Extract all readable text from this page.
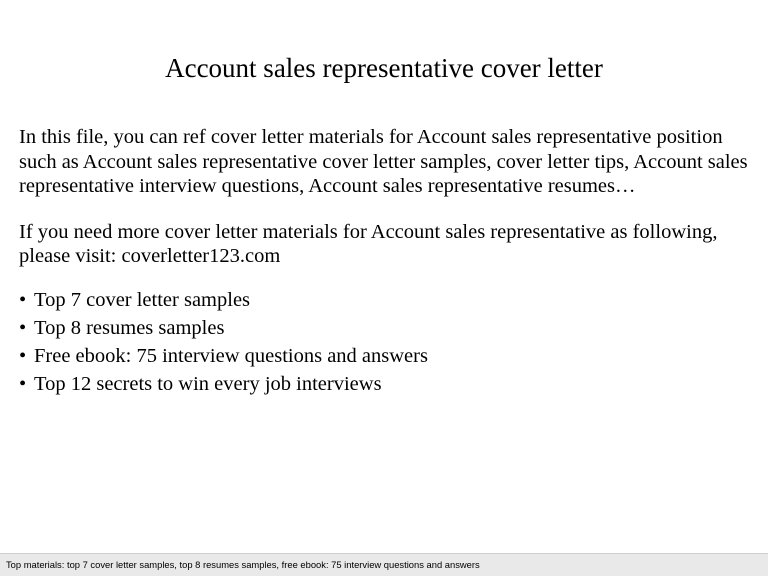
Account sales representative cover letter

In this file, you can ref cover letter materials for Account sales representative position such as Account sales representative cover letter samples, cover letter tips, Account sales representative interview questions, Account sales representative resumes…

If you need more cover letter materials for Account sales representative as following, please visit: coverletter123.com

• Top 7 cover letter samples
• Top 8 resumes samples
• Free ebook: 75 interview questions and answers
• Top 12 secrets to win every job interviews
Top materials: top 7 cover letter samples, top 8 resumes samples, free ebook: 75 interview questions and answers
